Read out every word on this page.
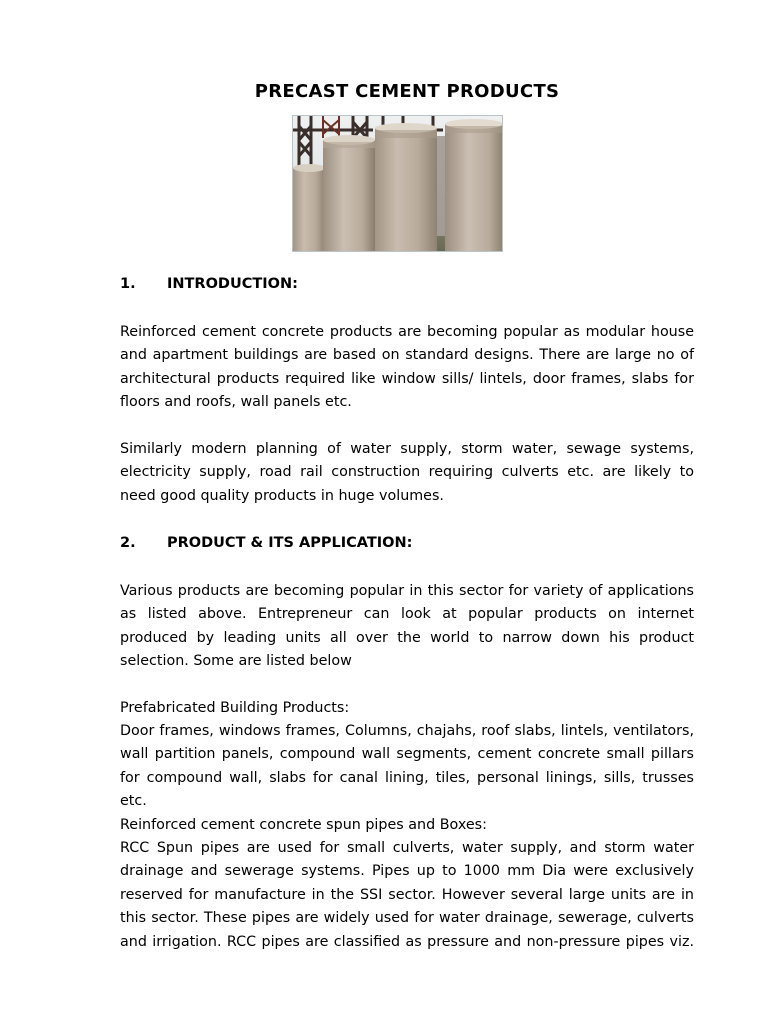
PRECAST CEMENT PRODUCTS
1. INTRODUCTION:

Reinforced cement concrete products are becoming popular as modular house and apartment buildings are based on standard designs. There are large no of architectural products required like window sills/ lintels, door frames, slabs for floors and roofs, wall panels etc.

Similarly modern planning of water supply, storm water, sewage systems, electricity supply, road rail construction requiring culverts etc. are likely to need good quality products in huge volumes.

2. PRODUCT & ITS APPLICATION:

Various products are becoming popular in this sector for variety of applications as listed above. Entrepreneur can look at popular products on internet produced by leading units all over the world to narrow down his product selection. Some are listed below

Prefabricated Building Products:

Door frames, windows frames, Columns, chajahs, roof slabs, lintels, ventilators, wall partition panels, compound wall segments, cement concrete small pillars for compound wall, slabs for canal lining, tiles, personal linings, sills, trusses etc.

Reinforced cement concrete spun pipes and Boxes:

RCC Spun pipes are used for small culverts, water supply, and storm water drainage and sewerage systems. Pipes up to 1000 mm Dia were exclusively reserved for manufacture in the SSI sector. However several large units are in this sector. These pipes are widely used for water drainage, sewerage, culverts and irrigation. RCC pipes are classified as pressure and non-pressure pipes viz.
